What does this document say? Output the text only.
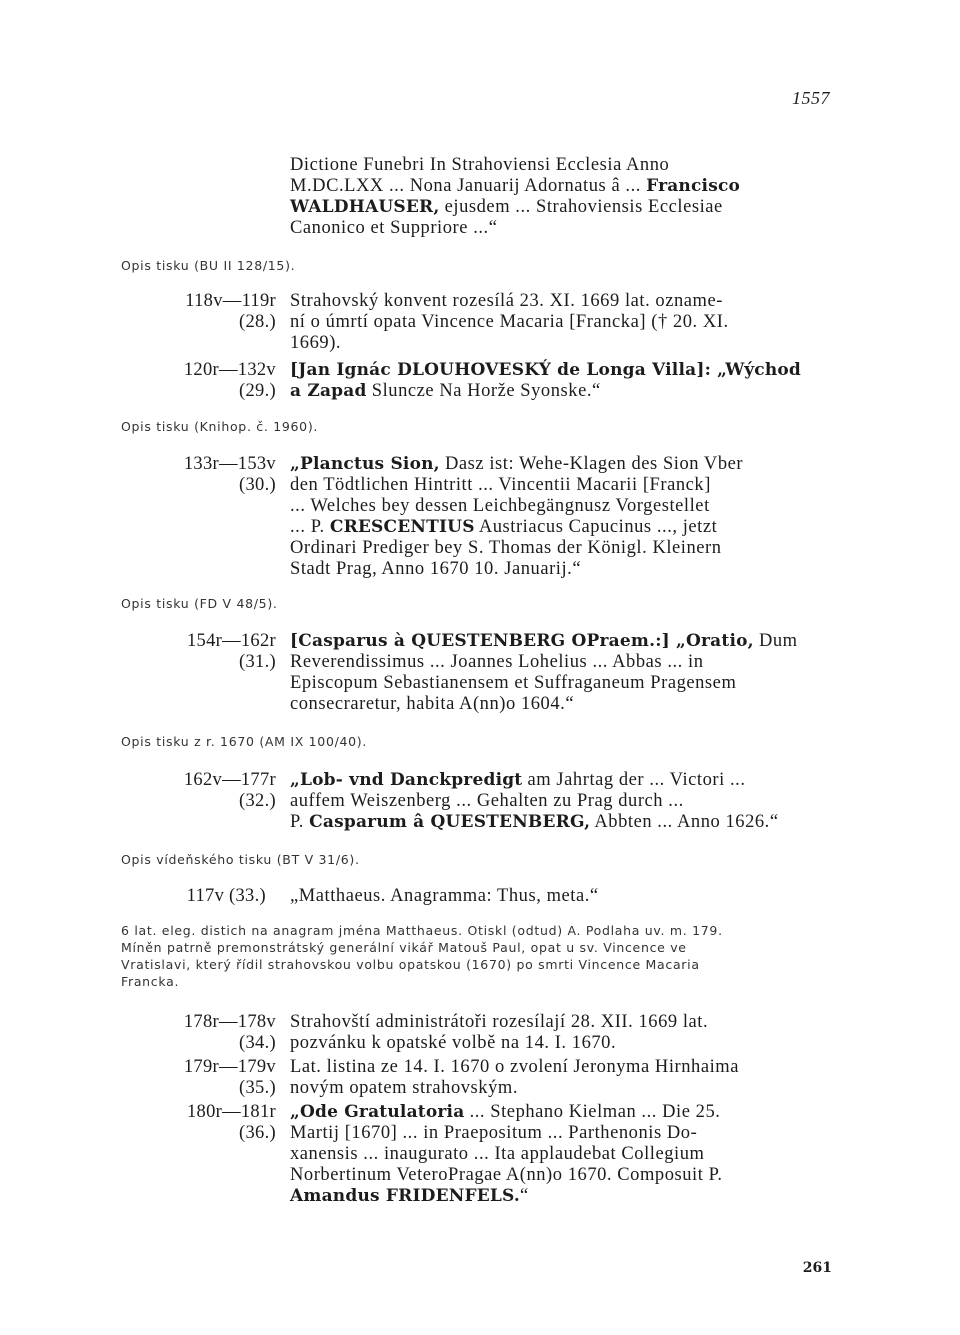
1557
Dictione Funebri In Strahoviensi Ecclesia Anno
M.DC.LXX ... Nona Januarij Adornatus â ... Francisco
WALDHAUSER, ejusdem ... Strahoviensis Ecclesiae
Canonico et Suppriore ...“
Opis tisku (BU II 128/15).
118v—119r
(28.)
Strahovský konvent rozesílá 23. XI. 1669 lat. ozname-
ní o úmrtí opata Vincence Macaria [Francka] († 20. XI.
1669).
120r—132v
(29.)
[Jan Ignác DLOUHOVESKÝ de Longa Villa]: „Wýchod
a Zapad Sluncze Na Horže Syonske.“
Opis tisku (Knihop. č. 1960).
133r—153v
(30.)
„Planctus Sion, Dasz ist: Wehe-Klagen des Sion Vber
den Tödtlichen Hintritt ... Vincentii Macarii [Franck]
... Welches bey dessen Leichbegängnusz Vorgestellet
... P. CRESCENTIUS Austriacus Capucinus ..., jetzt
Ordinari Prediger bey S. Thomas der Königl. Kleinern
Stadt Prag, Anno 1670 10. Januarij.“
Opis tisku (FD V 48/5).
154r—162r
(31.)
[Casparus à QUESTENBERG OPraem.:] „Oratio, Dum
Reverendissimus ... Joannes Lohelius ... Abbas ... in
Episcopum Sebastianensem et Suffraganeum Pragensem
consecraretur, habita A(nn)o 1604.“
Opis tisku z r. 1670 (AM IX 100/40).
162v—177r
(32.)
„Lob- vnd Danckpredigt am Jahrtag der ... Victori ...
auffem Weiszenberg ... Gehalten zu Prag durch ...
P. Casparum â QUESTENBERG, Abbten ... Anno 1626.“
Opis vídeňského tisku (BT V 31/6).
117v (33.) „Matthaeus. Anagramma: Thus, meta.“
6 lat. eleg. distich na anagram jména Matthaeus. Otiskl (odtud) A. Podlaha uv. m. 179.
Míněn patrně premonstrátský generální vikář Matouš Paul, opat u sv. Vincence ve
Vratislavi, který řídil strahovskou volbu opatskou (1670) po smrti Vincence Macaria
Francka.
178r—178v
(34.)
Strahovští administrátoři rozesílají 28. XII. 1669 lat.
pozvánku k opatské volbě na 14. I. 1670.
179r—179v
(35.)
Lat. listina ze 14. I. 1670 o zvolení Jeronyma Hirnhaima
novým opatem strahovským.
180r—181r
(36.)
„Ode Gratulatoria ... Stephano Kielman ... Die 25.
Martij [1670] ... in Praepositum ... Parthenonis Do-
xanensis ... inaugurato ... Ita applaudebat Collegium
Norbertinum VeteroPragae A(nn)o 1670. Composuit P.
Amandus FRIDENFELS.“
261
